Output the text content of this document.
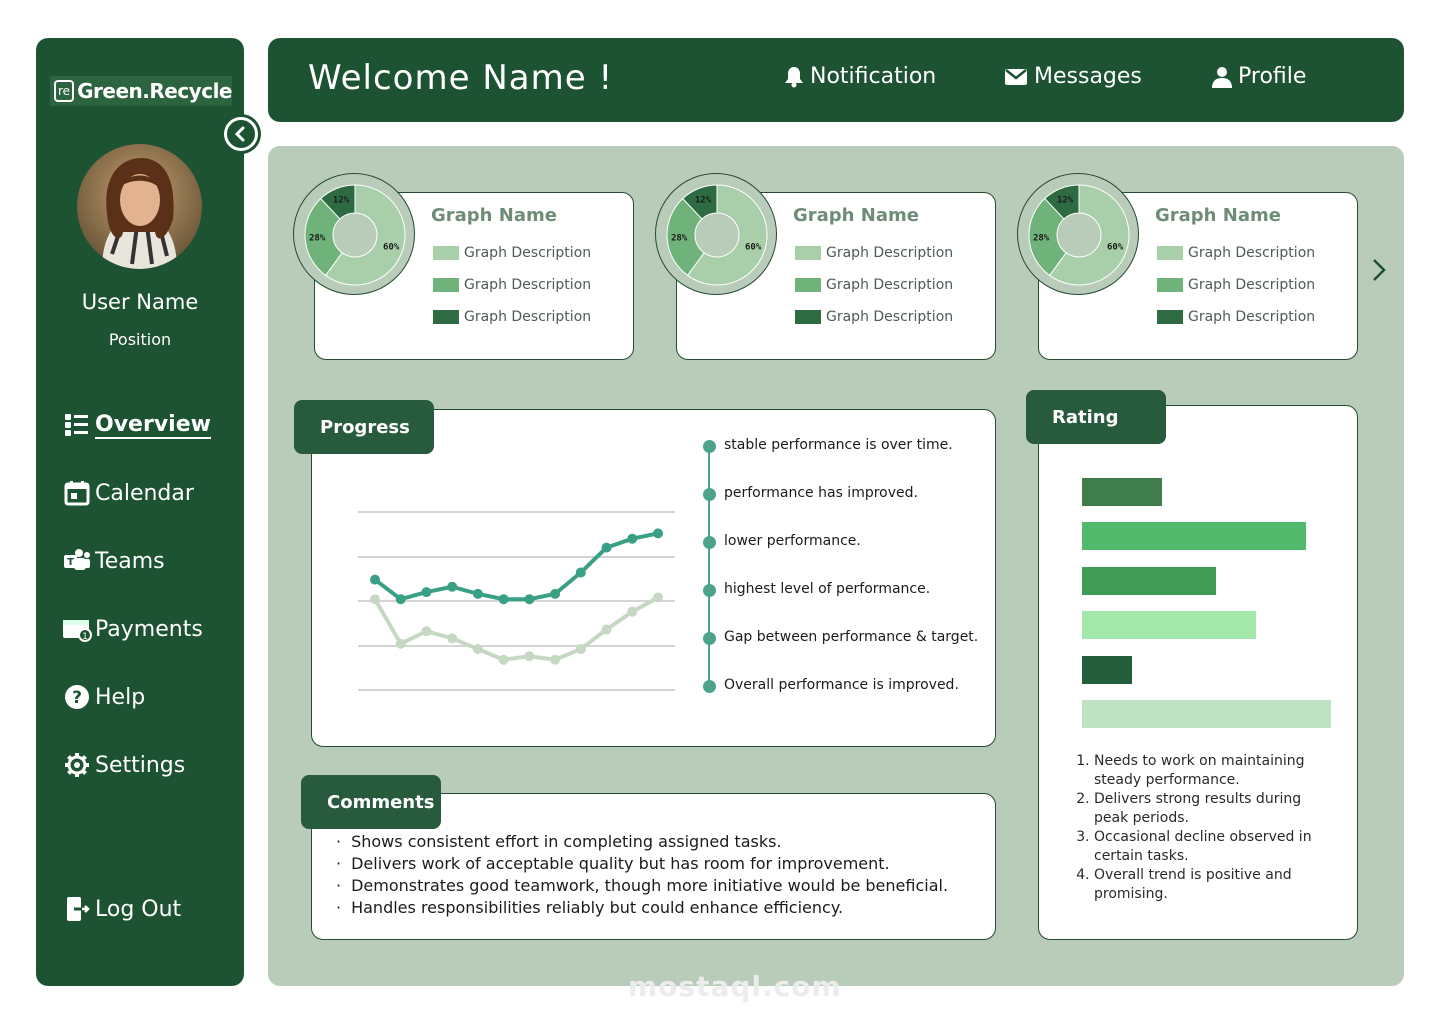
re Green.Recycle
User Name
Position
Overview
Calendar
T Teams
1 Payments
? Help
Settings
Log Out
Welcome Name !	Notification	Messages	Profile
60%
28%
12%
Graph Name
Graph Description
Graph Description
Graph Description
60%
28%
12%
Graph Name
Graph Description
Graph Description
Graph Description
60%
28%
12%
Graph Name
Graph Description
Graph Description
Graph Description
Progress
stable performance is over time.
performance has improved.
lower performance.
highest level of performance.
Gap between performance & target.
Overall performance is improved.
Rating
1. Needs to work on maintaining steady performance.
2. Delivers strong results during peak periods.
3. Occasional decline observed in certain tasks.
4. Overall trend is positive and promising.
Comments
· Shows consistent effort in completing assigned tasks.
· Delivers work of acceptable quality but has room for improvement.
· Demonstrates good teamwork, though more initiative would be beneficial.
· Handles responsibilities reliably but could enhance efficiency.
mostaql.com
